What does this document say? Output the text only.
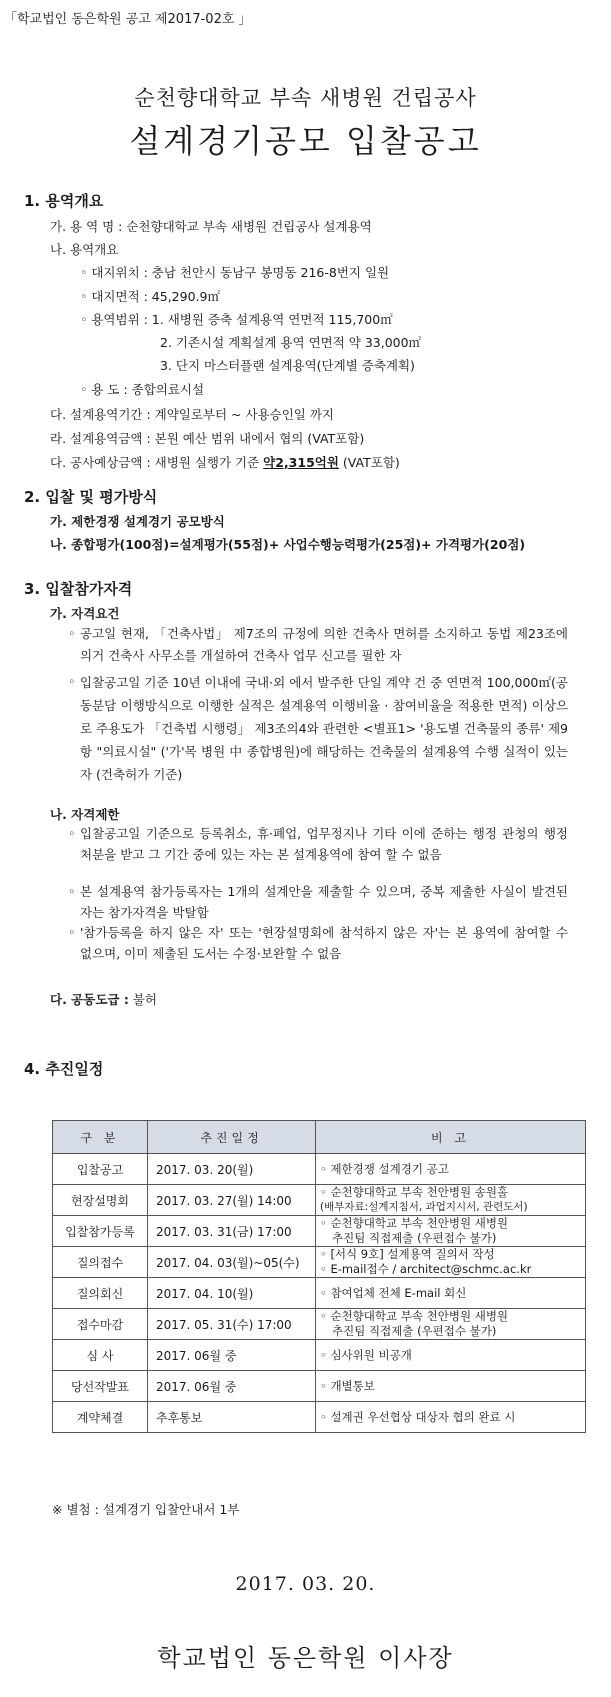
「학교법인 동은학원 공고 제2017-02호 」
순천향대학교 부속 새병원 건립공사
설계경기공모 입찰공고
1. 용역개요
가. 용 역 명 : 순천향대학교 부속 새병원 건립공사 설계용역
나. 용역개요
◦ 대지위치 : 충남 천안시 동남구 봉명동 216-8번지 일원
◦ 대지면적 : 45,290.9㎡
◦ 용역범위 : 1. 새병원 증축 설계용역 연면적 115,700㎡
2. 기존시설 계획설계 용역 연면적 약 33,000㎡
3. 단지 마스터플랜 설계용역(단계별 증축계획)
◦ 용 도 : 종합의료시설
다. 설계용역기간 : 계약일로부터 ~ 사용승인일 까지
라. 설계용역금액 : 본원 예산 범위 내에서 협의 (VAT포함)
다. 공사예상금액 : 새병원 실행가 기준 약2,315억원 (VAT포함)
2. 입찰 및 평가방식
가. 제한경쟁 설계경기 공모방식
나. 종합평가(100점)=설계평가(55점)+ 사업수행능력평가(25점)+ 가격평가(20점)
3. 입찰참가자격
가. 자격요건
◦ 공고일 현재, 「건축사법」 제7조의 규정에 의한 건축사 면허를 소지하고 동법 제23조에 의거 건축사 사무소를 개설하여 건축사 업무 신고를 필한 자
◦ 입찰공고일 기준 10년 이내에 국내·외 에서 발주한 단일 계약 건 중 연면적 100,000㎡(공동분담 이행방식으로 이행한 실적은 설계용역 이행비율 · 참여비율을 적용한 면적) 이상으로 주용도가 「건축법 시행령」 제3조의4와 관련한 <별표1> '용도별 건축물의 종류' 제9항 "의료시설" ('가'목 병원 中 종합병원)에 해당하는 건축물의 설계용역 수행 실적이 있는 자 (건축허가 기준)
나. 자격제한
◦ 입찰공고일 기준으로 등록취소, 휴·폐업, 업무정지나 기타 이에 준하는 행정 관청의 행정 처분을 받고 그 기간 중에 있는 자는 본 설계용역에 참여 할 수 없음
◦ 본 설계용역 참가등록자는 1개의 설계안을 제출할 수 있으며, 중복 제출한 사실이 발견된 자는 참가자격을 박탈함
◦ '참가등록을 하지 않은 자' 또는 '현장설명회에 참석하지 않은 자'는 본 용역에 참여할 수 없으며, 이미 제출된 도서는 수정·보완할 수 없음
다. 공동도급 : 불허
4. 추진일정
구 분	추진일정	비 고
입찰공고	2017. 03. 20(월)	◦ 제한경쟁 설계경기 공고

현장설명회	2017. 03. 27(월) 14:00	◦ 순천향대학교 부속 천안병원 송원홀
(배부자료:설계지침서, 과업지시서, 관련도서)

입찰참가등록	2017. 03. 31(금) 17:00	◦ 순천향대학교 부속 천안병원 새병원
추진팀 직접제출 (우편접수 불가)

질의접수	2017. 04. 03(월)~05(수)	◦ [서식 9호] 설계용역 질의서 작성
◦ E-mail접수 / architect@schmc.ac.kr

질의회신	2017. 04. 10(월)	◦ 참여업체 전체 E-mail 회신

접수마감	2017. 05. 31(수) 17:00	◦ 순천향대학교 부속 천안병원 새병원
추진팀 직접제출 (우편접수 불가)

심 사	2017. 06월 중	◦ 심사위원 비공개

당선작발표	2017. 06월 중	◦ 개별통보

계약체결	추후통보	◦ 설계권 우선협상 대상자 협의 완료 시
※ 별첨 : 설계경기 입찰안내서 1부
2017. 03. 20.
학교법인 동은학원 이사장
